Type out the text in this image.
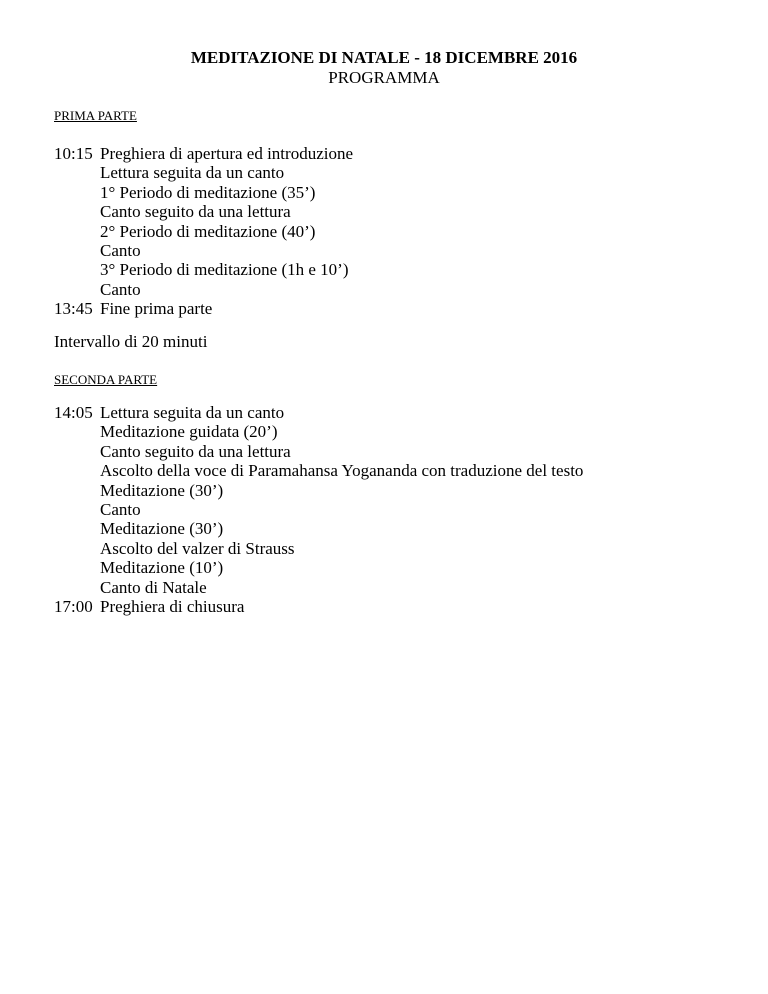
MEDITAZIONE DI NATALE - 18 DICEMBRE 2016
PROGRAMMA
PRIMA PARTE
10:15 Preghiera di apertura ed introduzione
Lettura seguita da un canto
1° Periodo di meditazione (35’)
Canto seguito da una lettura
2° Periodo di meditazione (40’)
Canto
3° Periodo di meditazione (1h e 10’)
Canto
13:45 Fine prima parte
Intervallo di 20 minuti
SECONDA PARTE
14:05 Lettura seguita da un canto
Meditazione guidata (20’)
Canto seguito da una lettura
Ascolto della voce di Paramahansa Yogananda con traduzione del testo
Meditazione (30’)
Canto
Meditazione (30’)
Ascolto del valzer di Strauss
Meditazione (10’)
Canto di Natale
17:00 Preghiera di chiusura
